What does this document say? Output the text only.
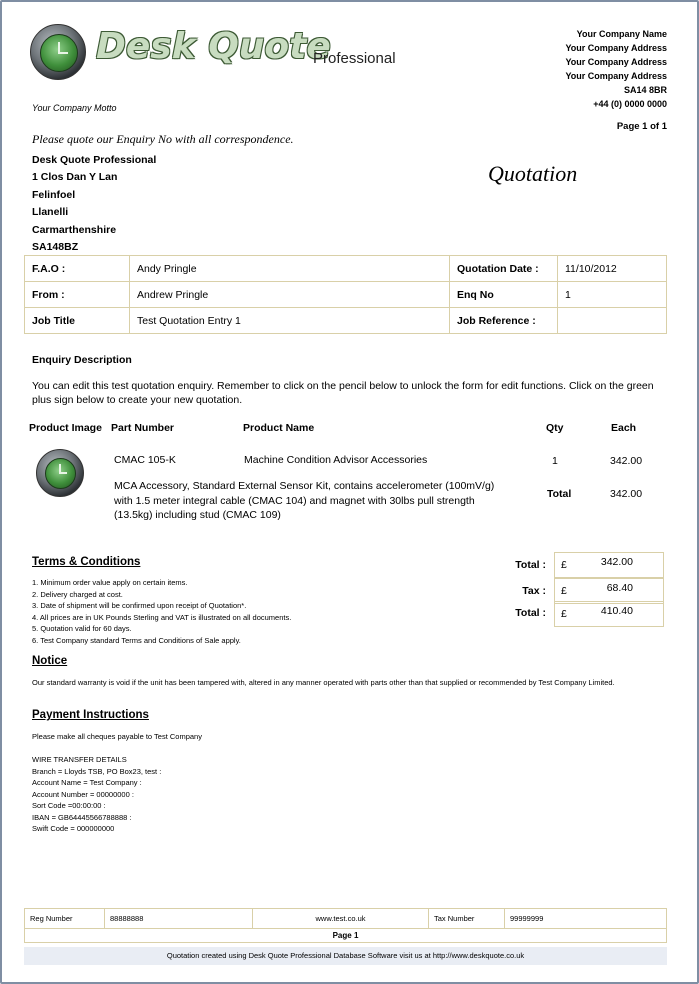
Desk Quote
Professional
Your Company Motto
Your Company Name
Your Company Address
Your Company Address
Your Company Address
SA14 8BR
+44 (0) 0000 0000
Page 1 of 1
Please quote our Enquiry No with all correspondence.
Desk Quote Professional
1 Clos Dan Y Lan
Felinfoel
Llanelli
Carmarthenshire
SA148BZ
Quotation
F.A.O :	Andy Pringle	Quotation Date :	11/10/2012
From :	Andrew Pringle	Enq No	1
Job Title	Test Quotation Entry 1	Job Reference :	
Enquiry Description
You can edit this test quotation enquiry. Remember to click on the pencil below to unlock the form for edit functions. Click on the green plus sign below to create your new quotation.
Product Image Part Number	Product Name	Qty	Each
CMAC 105-K	Machine Condition Advisor Accessories	1	342.00
MCA Accessory, Standard External Sensor Kit, contains accelerometer (100mV/g) with 1.5 meter integral cable (CMAC 104) and magnet with 30lbs pull strength (13.5kg) including stud (CMAC 109)
Total	342.00
Terms & Conditions
1. Minimum order value apply on certain items.
2. Delivery charged at cost.
3. Date of shipment will be confirmed upon receipt of Quotation*.
4. All prices are in UK Pounds Sterling and VAT is illustrated on all documents.
5. Quotation valid for 60 days.
6. Test Company standard Terms and Conditions of Sale apply.
Total : £	342.00
Tax : £	68.40
Total : £	410.40
Notice
Our standard warranty is void if the unit has been tampered with, altered in any manner operated with parts other than that supplied or recommended by Test Company Limited.
Payment Instructions
Please make all cheques payable to Test Company
WIRE TRANSFER DETAILS
Branch = Lloyds TSB, PO Box23, test :
Account Name = Test Company :
Account Number = 00000000 :
Sort Code =00:00:00 :
IBAN = GB64445566788888 :
Swift Code = 000000000
Reg Number	88888888	www.test.co.uk	Tax Number	99999999
Page 1
Quotation created using Desk Quote Professional Database Software visit us at http://www.deskquote.co.uk
